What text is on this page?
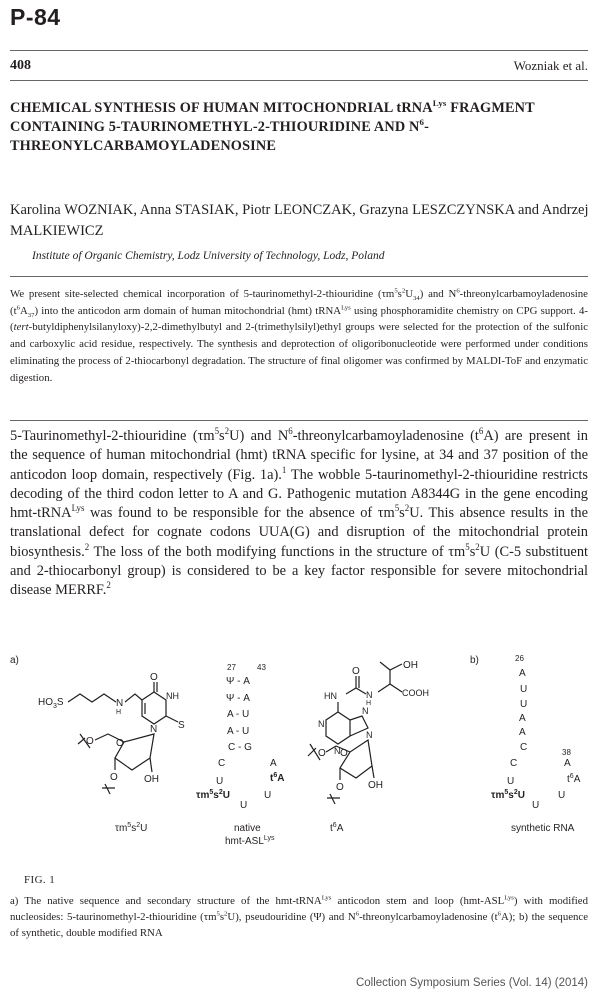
P-84
408	Wozniak et al.
CHEMICAL SYNTHESIS OF HUMAN MITOCHONDRIAL tRNA$^{Lys}$ FRAGMENT CONTAINING 5-TAURINOMETHYL-2-THIOURIDINE AND $N^6$-THREONYLCARBAMOYLADENOSINE
Karolina WOZNIAK, Anna STASIAK, Piotr LEONCZAK, Grazyna LESZCZYNSKA and Andrzej MALKIEWICZ
Institute of Organic Chemistry, Lodz University of Technology, Lodz, Poland
We present site-selected chemical incorporation of 5-taurinomethyl-2-thiouridine $(\tau m^5s^2U_{34})$ and $N^6$-threonylcarbamoyladenosine $(t^6A_{37})$ into the anticodon arm domain of human mitochondrial (hmt) tRNA$^{Lys}$ using phosphoramidite chemistry on CPG support. 4-(tert-butyldiphenylsilanyloxy)-2,2-dimethylbutyl and 2-(trimethylsilyl)ethyl groups were selected for the protection of the sulfonic and carboxylic acid residue, respectively. The synthesis and deprotection of oligoribonucleotide were performed under conditions eliminating the process of 2-thiocarbonyl degradation. The structure of final oligomer was confirmed by MALDI-ToF and enzymatic digestion.
5-Taurinomethyl-2-thiouridine $(\tau m^5s^2U)$ and $N^6$-threonylcarbamoyladenosine $(t^6A)$ are present in the sequence of human mitochondrial (hmt) tRNA specific for lysine, at 34 and 37 position of the anticodon loop domain, respectively (Fig. 1a).$^1$ The wobble 5-taurinomethyl-2-thiouridine restricts decoding of the third codon letter to A and G. Pathogenic mutation A8344G in the gene encoding hmt-tRNA$^{Lys}$ was found to be responsible for the absence of $\tau m^5s^2U$. This absence results in the translational defect for cognate codons UUA(G) and disruption of the mitochondrial protein biosynthesis.$^2$ The loss of the both modifying functions in the structure of $\tau m^5s^2U$ (C-5 substituent and 2-thiocarbonyl group) is considered to be a key factor responsible for severe mitochondrial disease MERRF.$^2$
a)	b)
$HO_3S$	N
H
O
NH
S
N
O
O
OH
O
$\tau m^5s^2U$
27	43
Ψ - A
Ψ - A
A - U
A - U
C - G
C	A
U	$t^6A$
$\tau m^5s^2U$	U
U
native
hmt-$ASL^{Lys}$
OH
COOH
N
H
O
HN
N
N
N
N
O
O
OH
O
$t^6A$
26
A
U
U
A
A
C	38
C	A
U	$t^6A$
$\tau m^5s^2U$	U
U
synthetic RNA
FIG. 1
a) The native sequence and secondary structure of the hmt-tRNA$^{Lys}$ anticodon stem and loop $(hmt-ASL^{Lys})$ with modified nucleosides: 5-taurinomethyl-2-thiouridine $(\tau m^5s^2U)$, pseudouridine (Ψ) and $N^6$-threonylcarbamoyladenosine $(t^6A)$; b) the sequence of synthetic, double modified RNA
Collection Symposium Series (Vol. 14) (2014)
